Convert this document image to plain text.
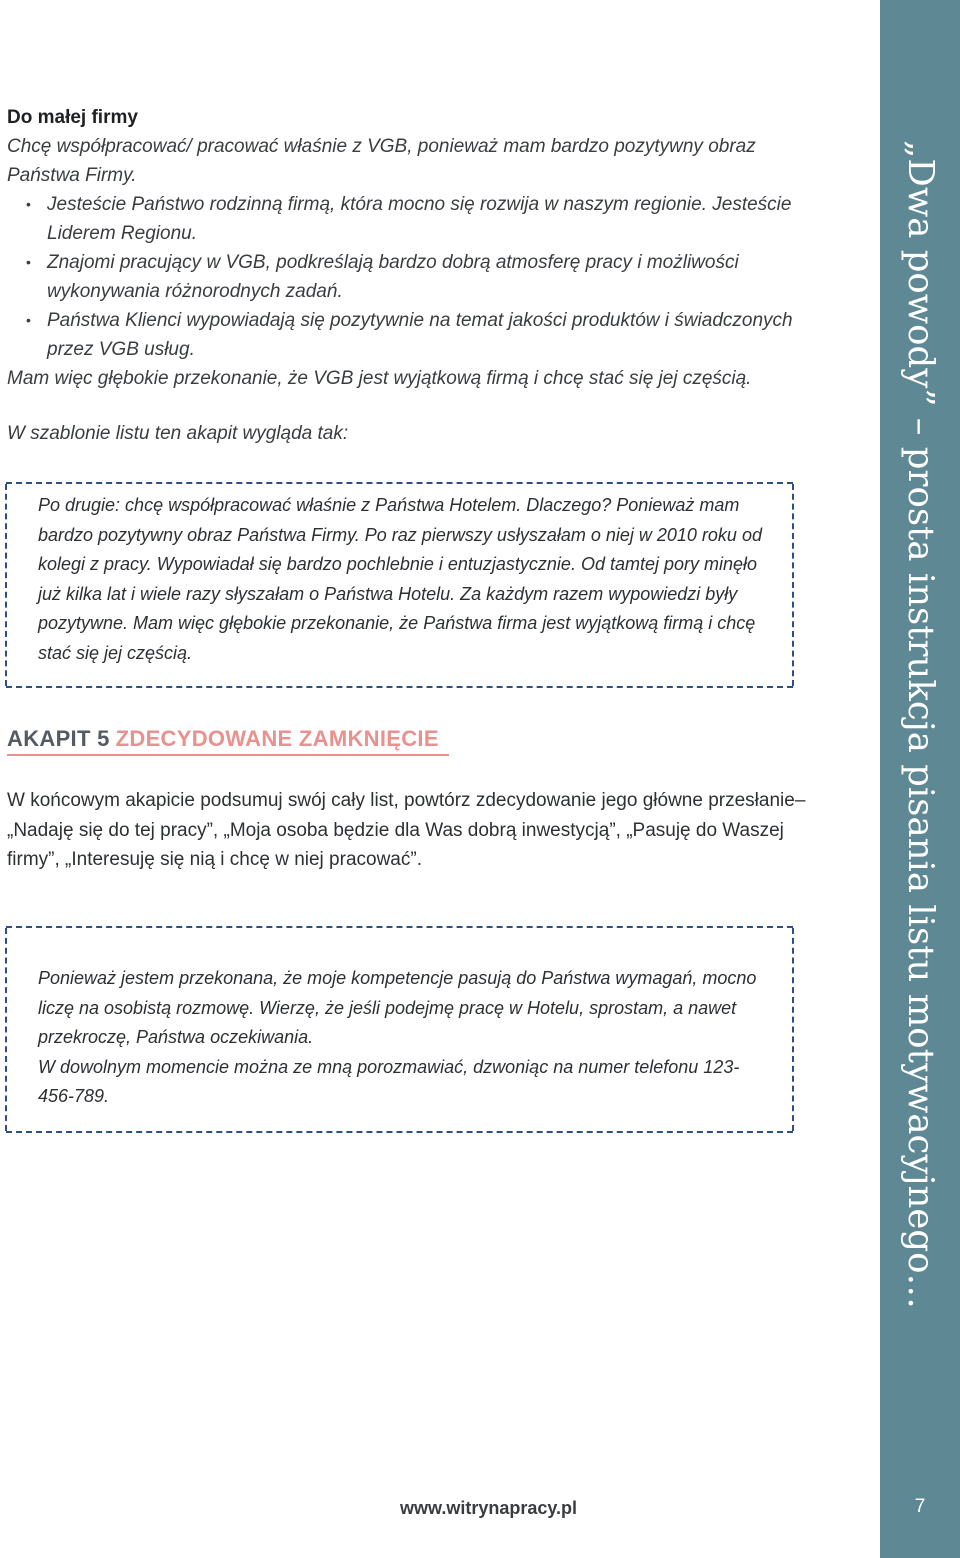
Do małej firmy

Chcę współpracować/ pracować właśnie z VGB, ponieważ mam bardzo pozytywny obraz Państwa Firmy.

• Jesteście Państwo rodzinną firmą, która mocno się rozwija w naszym regionie. Jesteście Liderem Regionu.
• Znajomi pracujący w VGB, podkreślają bardzo dobrą atmosferę pracy i możliwości wykonywania różnorodnych zadań.
• Państwa Klienci wypowiadają się pozytywnie na temat jakości produktów i świadczonych przez VGB usług.

Mam więc głębokie przekonanie, że VGB jest wyjątkową firmą i chcę stać się jej częścią.

W szablonie listu ten akapit wygląda tak:

Po drugie: chcę współpracować właśnie z Państwa Hotelem. Dlaczego? Ponieważ mam bardzo pozytywny obraz Państwa Firmy. Po raz pierwszy usłyszałam o niej w 2010 roku od kolegi z pracy. Wypowiadał się bardzo pochlebnie i entuzjastycznie. Od tamtej pory minęło już kilka lat i wiele razy słyszałam o Państwa Hotelu. Za każdym razem wypowiedzi były pozytywne. Mam więc głębokie przekonanie, że Państwa firma jest wyjątkową firmą i chcę stać się jej częścią.

AKAPIT 5 ZDECYDOWANE ZAMKNIĘCIE

W końcowym akapicie podsumuj swój cały list, powtórz zdecydowanie jego główne przesłanie– „Nadaję się do tej pracy”, „Moja osoba będzie dla Was dobrą inwestycją”, „Pasuję do Waszej firmy”, „Interesuję się nią i chcę w niej pracować”.

Ponieważ jestem przekonana, że moje kompetencje pasują do Państwa wymagań, mocno liczę na osobistą rozmowę. Wierzę, że jeśli podejmę pracę w Hotelu, sprostam, a nawet przekroczę, Państwa oczekiwania.

W dowolnym momencie można ze mną porozmawiać, dzwoniąc na numer telefonu 123-456-789.	„Dwa powody” – prosta instrukcja pisania listu motywacyjnego…
7
www.witrynapracy.pl
